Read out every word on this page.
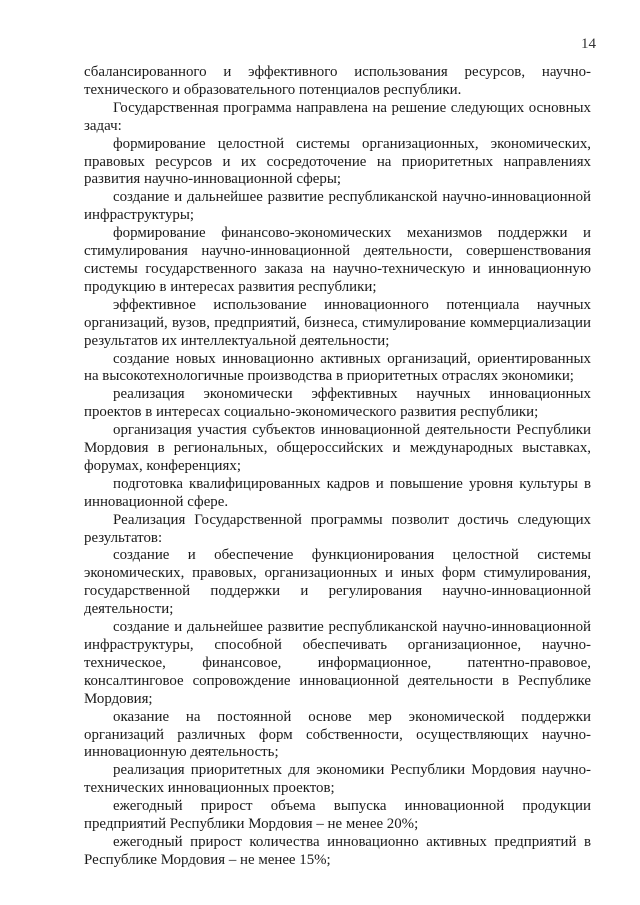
14

сбалансированного и эффективного использования ресурсов, научно-технического и образовательного потенциалов республики.

Государственная программа направлена на решение следующих основных задач:

формирование целостной системы организационных, экономических, правовых ресурсов и их сосредоточение на приоритетных направлениях развития научно-инновационной сферы;

создание и дальнейшее развитие республиканской научно-инновационной инфраструктуры;

формирование финансово-экономических механизмов поддержки и стимулирования научно-инновационной деятельности, совершенствования системы государственного заказа на научно-техническую и инновационную продукцию в интересах развития республики;

эффективное использование инновационного потенциала научных организаций, вузов, предприятий, бизнеса, стимулирование коммерциализации результатов их интеллектуальной деятельности;

создание новых инновационно активных организаций, ориентированных на высокотехнологичные производства в приоритетных отраслях экономики;

реализация экономически эффективных научных инновационных проектов в интересах социально-экономического развития республики;

организация участия субъектов инновационной деятельности Республики Мордовия в региональных, общероссийских и международных выставках, форумах, конференциях;

подготовка квалифицированных кадров и повышение уровня культуры в инновационной сфере.

Реализация Государственной программы позволит достичь следующих результатов:

создание и обеспечение функционирования целостной системы экономических, правовых, организационных и иных форм стимулирования, государственной поддержки и регулирования научно-инновационной деятельности;

создание и дальнейшее развитие республиканской научно-инновационной инфраструктуры, способной обеспечивать организационное, научно-техническое, финансовое, информационное, патентно-правовое, консалтинговое сопровождение инновационной деятельности в Республике Мордовия;

оказание на постоянной основе мер экономической поддержки организаций различных форм собственности, осуществляющих научно-инновационную деятельность;

реализация приоритетных для экономики Республики Мордовия научно-технических инновационных проектов;

ежегодный прирост объема выпуска инновационной продукции предприятий Республики Мордовия – не менее 20%;

ежегодный прирост количества инновационно активных предприятий в Республике Мордовия – не менее 15%;
